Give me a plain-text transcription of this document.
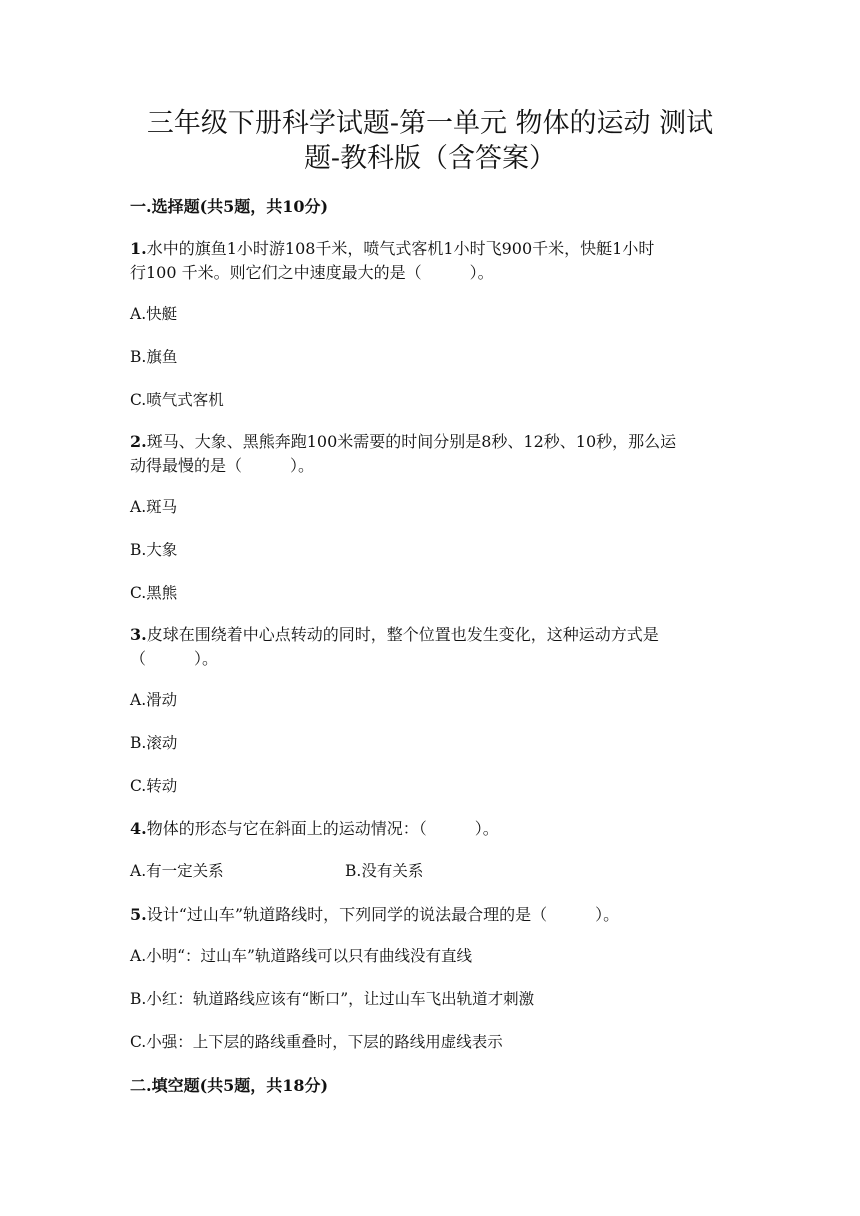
三年级下册科学试题-第一单元 物体的运动 测试
题-教科版（含答案）

一.选择题(共5题，共10分)

1.水中的旗鱼1小时游108千米，喷气式客机1小时飞900千米，快艇1小时

行100 千米。则它们之中速度最大的是（　　　）。

A.快艇

B.旗鱼

C.喷气式客机

2.斑马、大象、黑熊奔跑100米需要的时间分别是8秒、12秒、10秒，那么运

动得最慢的是（　　　）。

A.斑马

B.大象

C.黑熊

3.皮球在围绕着中心点转动的同时，整个位置也发生变化，这种运动方式是

（　　　）。

A.滑动

B.滚动

C.转动

4.物体的形态与它在斜面上的运动情况：（　　　）。

A.有一定关系	B.没有关系

5.设计“过山车”轨道路线时，下列同学的说法最合理的是（　　　）。

A.小明“：过山车”轨道路线可以只有曲线没有直线

B.小红：轨道路线应该有“断口”，让过山车飞出轨道才刺激

C.小强：上下层的路线重叠时，下层的路线用虚线表示

二.填空题(共5题，共18分)
